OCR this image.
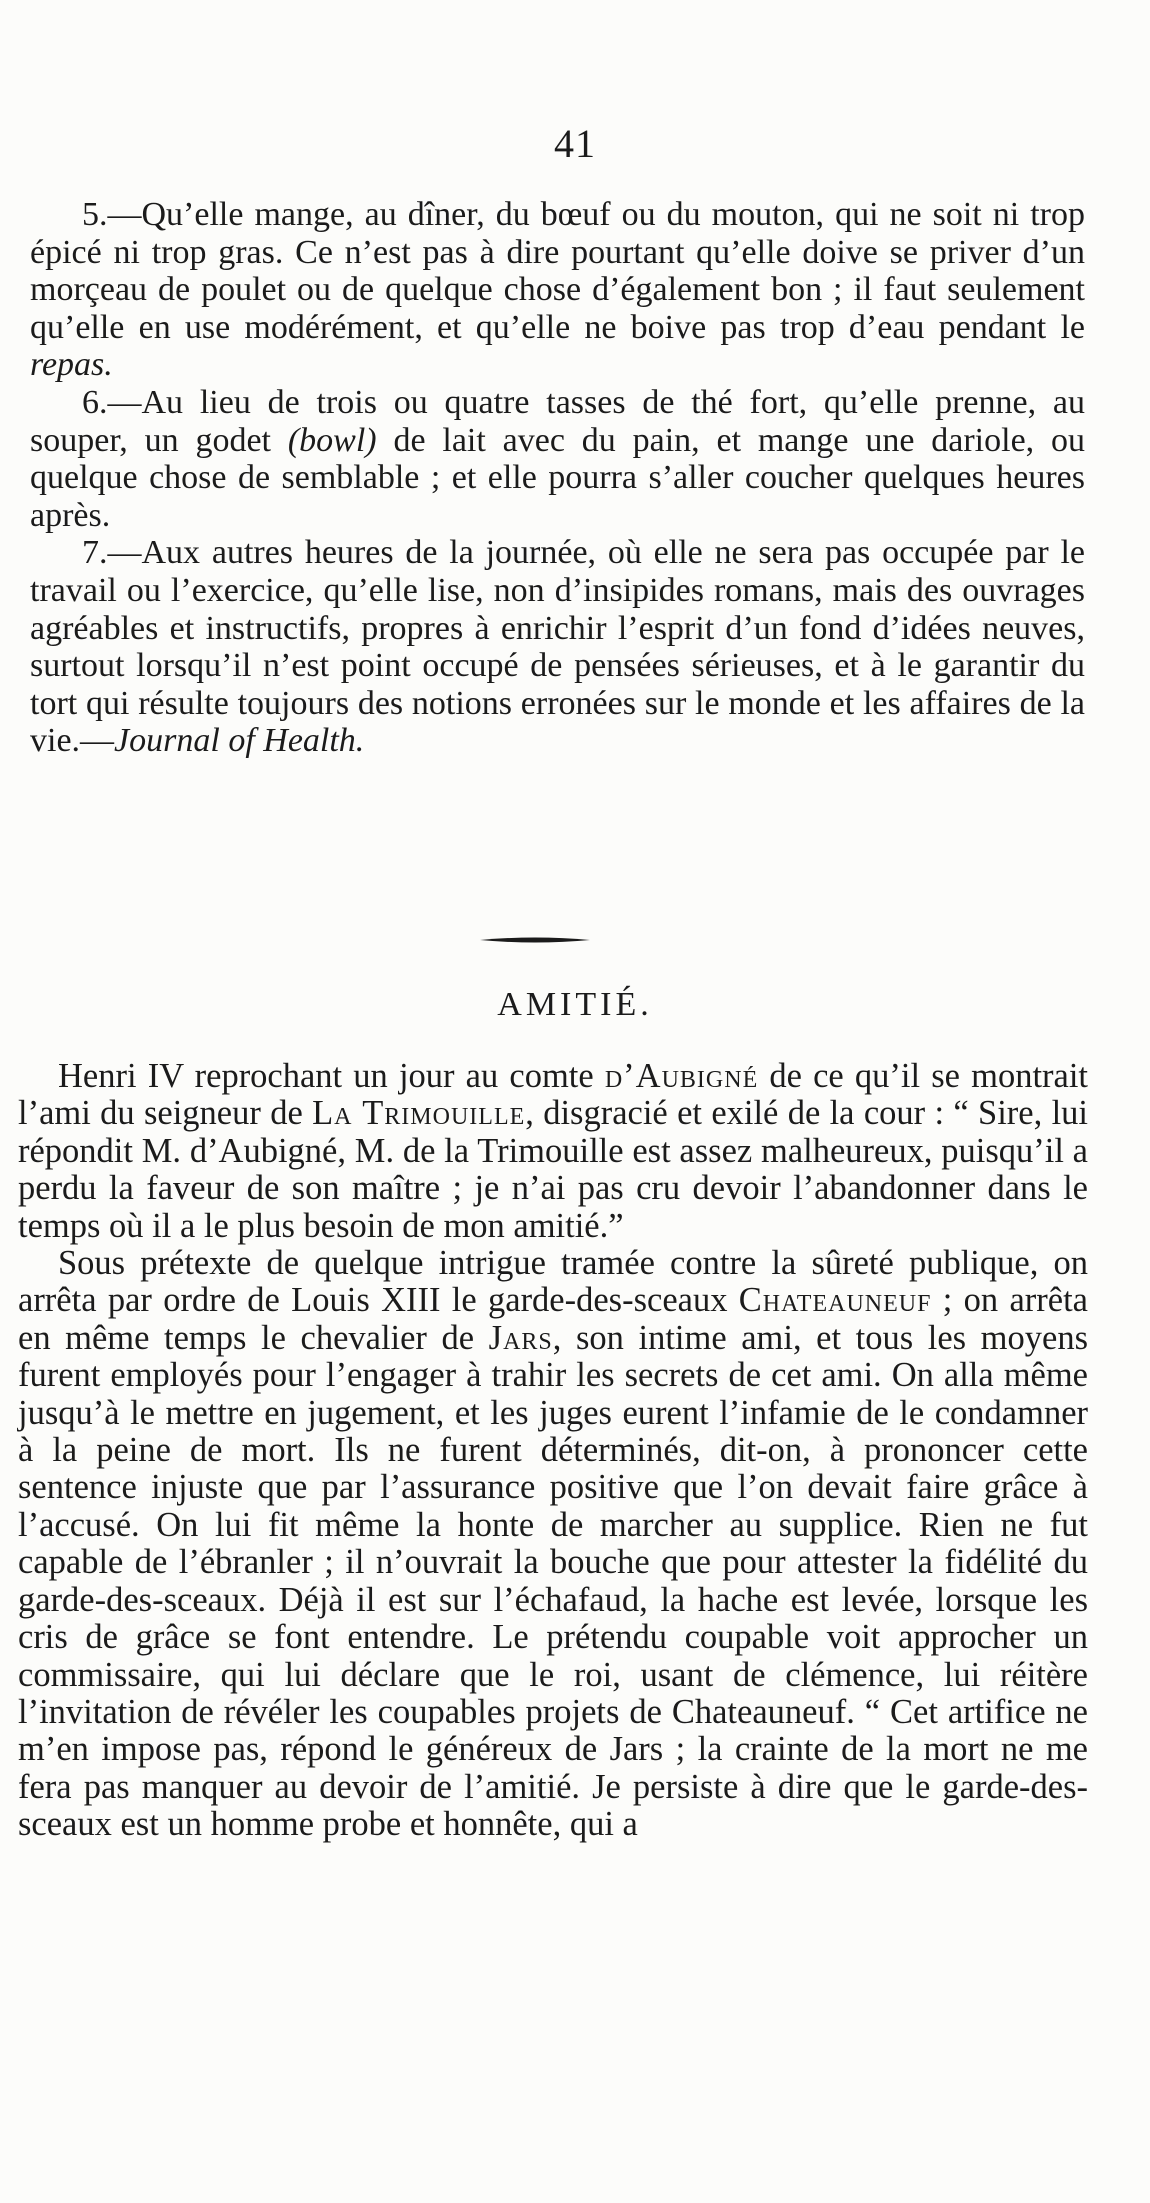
41

5.—Qu’elle mange, au dîner, du bœuf ou du mouton, qui ne soit ni trop épicé ni trop gras. Ce n’est pas à dire pourtant qu’elle doive se priver d’un morçeau de poulet ou de quelque chose d’également bon ; il faut seulement qu’elle en use modérément, et qu’elle ne boive pas trop d’eau pendant le repas.

6.—Au lieu de trois ou quatre tasses de thé fort, qu’elle prenne, au souper, un godet (bowl) de lait avec du pain, et mange une dariole, ou quelque chose de semblable ; et elle pourra s’aller coucher quelques heures après.

7.—Aux autres heures de la journée, où elle ne sera pas occupée par le travail ou l’exercice, qu’elle lise, non d’insipides romans, mais des ouvrages agréables et instructifs, propres à enrichir l’esprit d’un fond d’idées neuves, surtout lorsqu’il n’est point occupé de pensées sérieuses, et à le garantir du tort qui résulte toujours des notions erronées sur le monde et les affaires de la vie.—Journal of Health.

AMITIÉ.

Henri IV reprochant un jour au comte d’Aubigné de ce qu’il se montrait l’ami du seigneur de La Trimouille, disgracié et exilé de la cour : “ Sire, lui répondit M. d’Aubigné, M. de la Trimouille est assez malheureux, puisqu’il a perdu la faveur de son maître ; je n’ai pas cru devoir l’abandonner dans le temps où il a le plus besoin de mon amitié.”

Sous prétexte de quelque intrigue tramée contre la sûreté publique, on arrêta par ordre de Louis XIII le garde-des-sceaux Chateauneuf ; on arrêta en même temps le chevalier de Jars, son intime ami, et tous les moyens furent employés pour l’engager à trahir les secrets de cet ami. On alla même jusqu’à le mettre en jugement, et les juges eurent l’infamie de le condamner à la peine de mort. Ils ne furent déterminés, dit-on, à prononcer cette sentence injuste que par l’assurance positive que l’on devait faire grâce à l’accusé. On lui fit même la honte de marcher au supplice. Rien ne fut capable de l’ébranler ; il n’ouvrait la bouche que pour attester la fidélité du garde-des-sceaux. Déjà il est sur l’échafaud, la hache est levée, lorsque les cris de grâce se font entendre. Le prétendu coupable voit approcher un commissaire, qui lui déclare que le roi, usant de clémence, lui réitère l’invitation de révéler les coupables projets de Chateauneuf. “ Cet artifice ne m’en impose pas, répond le généreux de Jars ; la crainte de la mort ne me fera pas manquer au devoir de l’amitié. Je persiste à dire que le garde-des-sceaux est un homme probe et honnête, qui a
